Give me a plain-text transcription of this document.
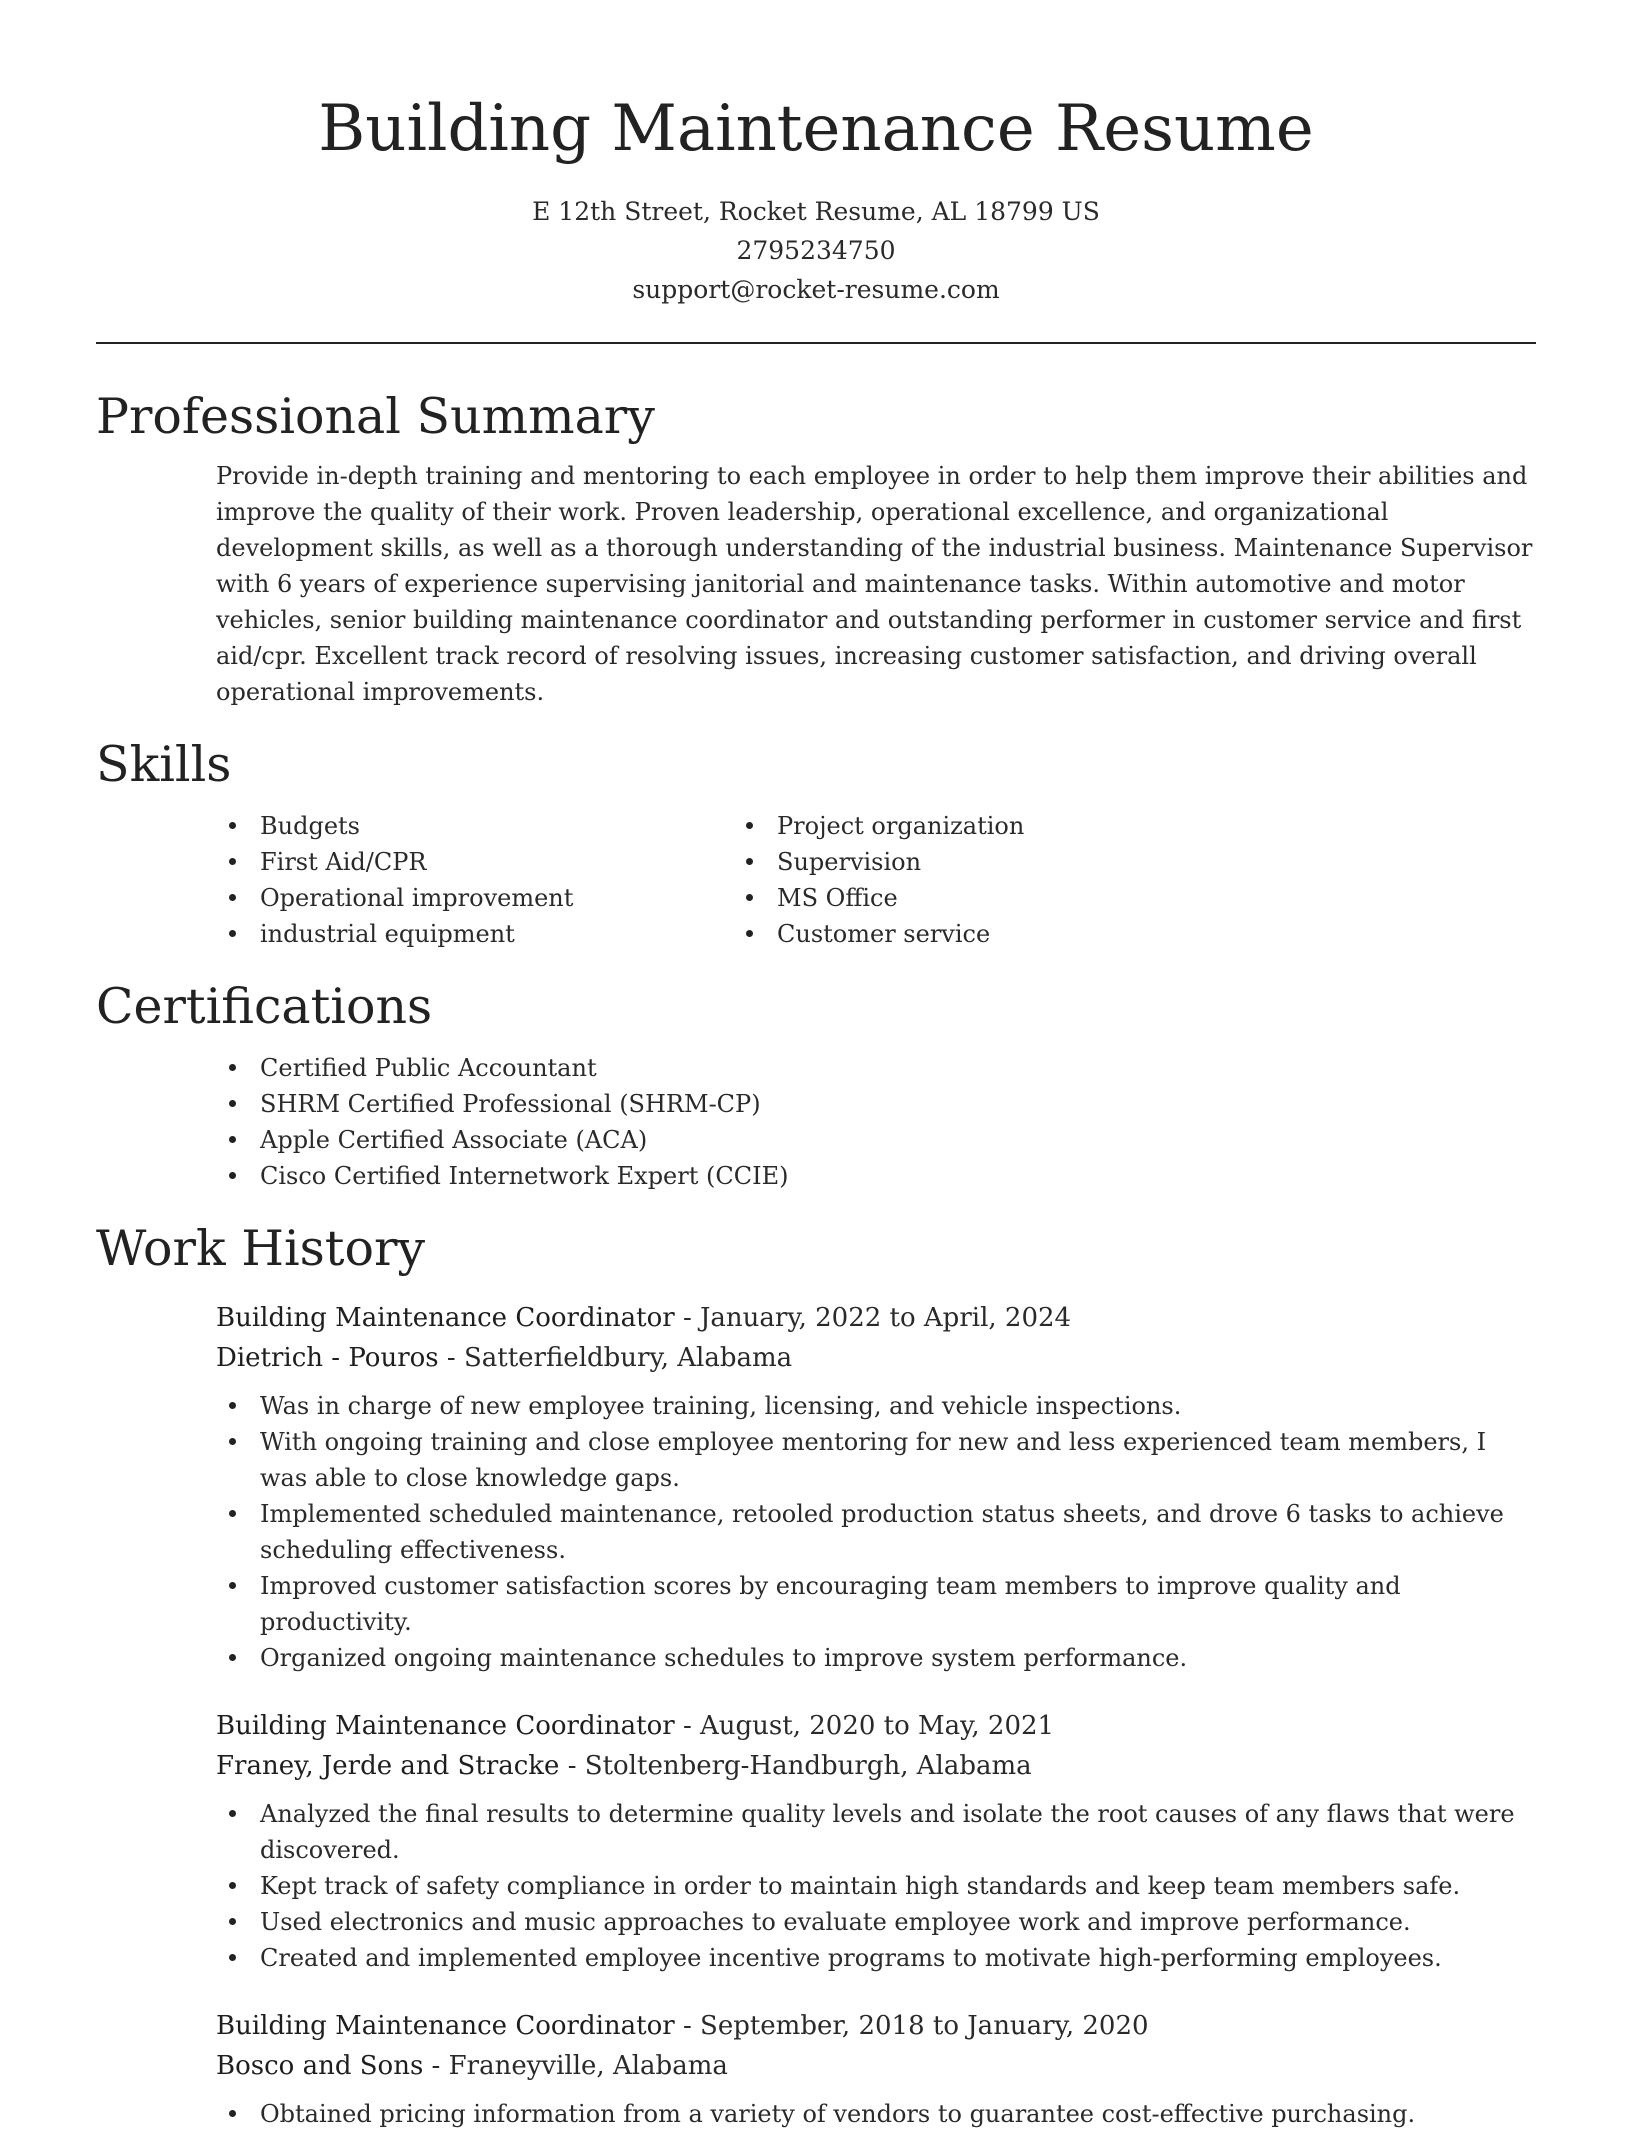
Building Maintenance Resume
E 12th Street, Rocket Resume, AL 18799 US
2795234750
support@rocket-resume.com
Professional Summary

Provide in-depth training and mentoring to each employee in order to help them improve their abilities and improve the quality of their work. Proven leadership, operational excellence, and organizational development skills, as well as a thorough understanding of the industrial business. Maintenance Supervisor with 6 years of experience supervising janitorial and maintenance tasks. Within automotive and motor vehicles, senior building maintenance coordinator and outstanding performer in customer service and first aid/cpr. Excellent track record of resolving issues, increasing customer satisfaction, and driving overall operational improvements.

Skills
Budgets
First Aid/CPR
Operational improvement
industrial equipment
Project organization
Supervision
MS Office
Customer service
Certifications
Certified Public Accountant
SHRM Certified Professional (SHRM-CP)
Apple Certified Associate (ACA)
Cisco Certified Internetwork Expert (CCIE)
Work History
Building Maintenance Coordinator - January, 2022 to April, 2024
Dietrich - Pouros - Satterfieldbury, Alabama
Was in charge of new employee training, licensing, and vehicle inspections.
With ongoing training and close employee mentoring for new and less experienced team members, I was able to close knowledge gaps.
Implemented scheduled maintenance, retooled production status sheets, and drove 6 tasks to achieve scheduling effectiveness.
Improved customer satisfaction scores by encouraging team members to improve quality and productivity.
Organized ongoing maintenance schedules to improve system performance.
Building Maintenance Coordinator - August, 2020 to May, 2021
Franey, Jerde and Stracke - Stoltenberg-Handburgh, Alabama
Analyzed the final results to determine quality levels and isolate the root causes of any flaws that were discovered.
Kept track of safety compliance in order to maintain high standards and keep team members safe.
Used electronics and music approaches to evaluate employee work and improve performance.
Created and implemented employee incentive programs to motivate high-performing employees.
Building Maintenance Coordinator - September, 2018 to January, 2020
Bosco and Sons - Franeyville, Alabama
Obtained pricing information from a variety of vendors to guarantee cost-effective purchasing.
